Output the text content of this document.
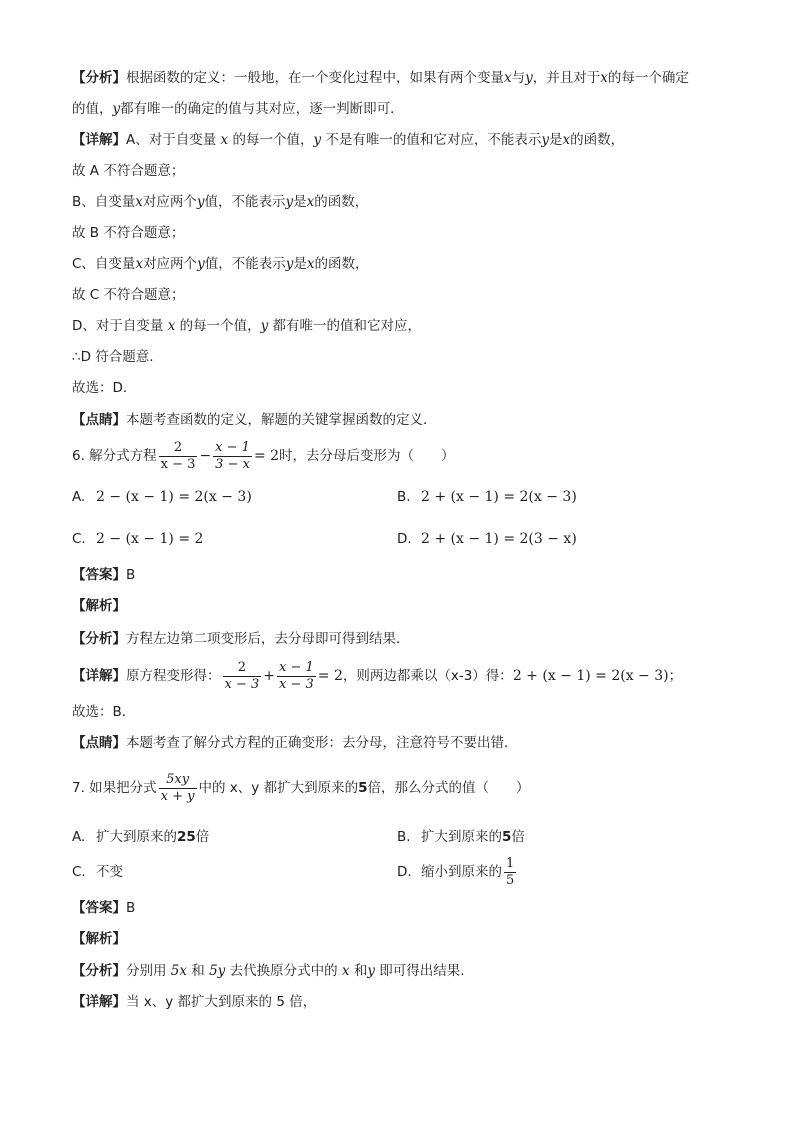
【分析】根据函数的定义：一般地，在一个变化过程中，如果有两个变量x与y，并且对于x的每一个确定
的值，y都有唯一的确定的值与其对应，逐一判断即可．
【详解】A、对于自变量 x 的每一个值，y 不是有唯一的值和它对应，不能表示y是x的函数，
故 A 不符合题意；
B、自变量x对应两个y值，不能表示y是x的函数，
故 B 不符合题意；
C、自变量x对应两个y值，不能表示y是x的函数，
故 C 不符合题意；
D、对于自变量 x 的每一个值，y 都有唯一的值和它对应，
∴D 符合题意．
故选：D．
【点睛】本题考查函数的定义，解题的关键掌握函数的定义．
6. 解分式方程 $\frac{2}{x - 3} - \frac{x - 1}{3 - x} = 2$时，去分母后变形为（　　）
A. 2 − (x − 1) = 2(x − 3)	B. 2 + (x − 1) = 2(x − 3)
C. 2 − (x − 1) = 2	D. 2 + (x − 1) = 2(3 − x)
【答案】B
【解析】
【分析】方程左边第二项变形后，去分母即可得到结果．
【详解】原方程变形得： $\frac{2}{x - 3} + \frac{x - 1}{x - 3} = 2$，则两边都乘以（x-3）得：2 + (x − 1) = 2(x − 3)；
故选：B．
【点睛】本题考查了解分式方程的正确变形：去分母，注意符号不要出错．
7. 如果把分式 $\frac{5xy}{x + y}$ 中的 x、y 都扩大到原来的5倍，那么分式的值（　　）
A. 扩大到原来的25倍	B. 扩大到原来的5倍
C. 不变	D. 缩小到原来的 $\frac{1}{5}$
【答案】B
【解析】
【分析】分别用 5x 和 5y 去代换原分式中的 x 和y 即可得出结果.
【详解】当 x、y 都扩大到原来的 5 倍，
